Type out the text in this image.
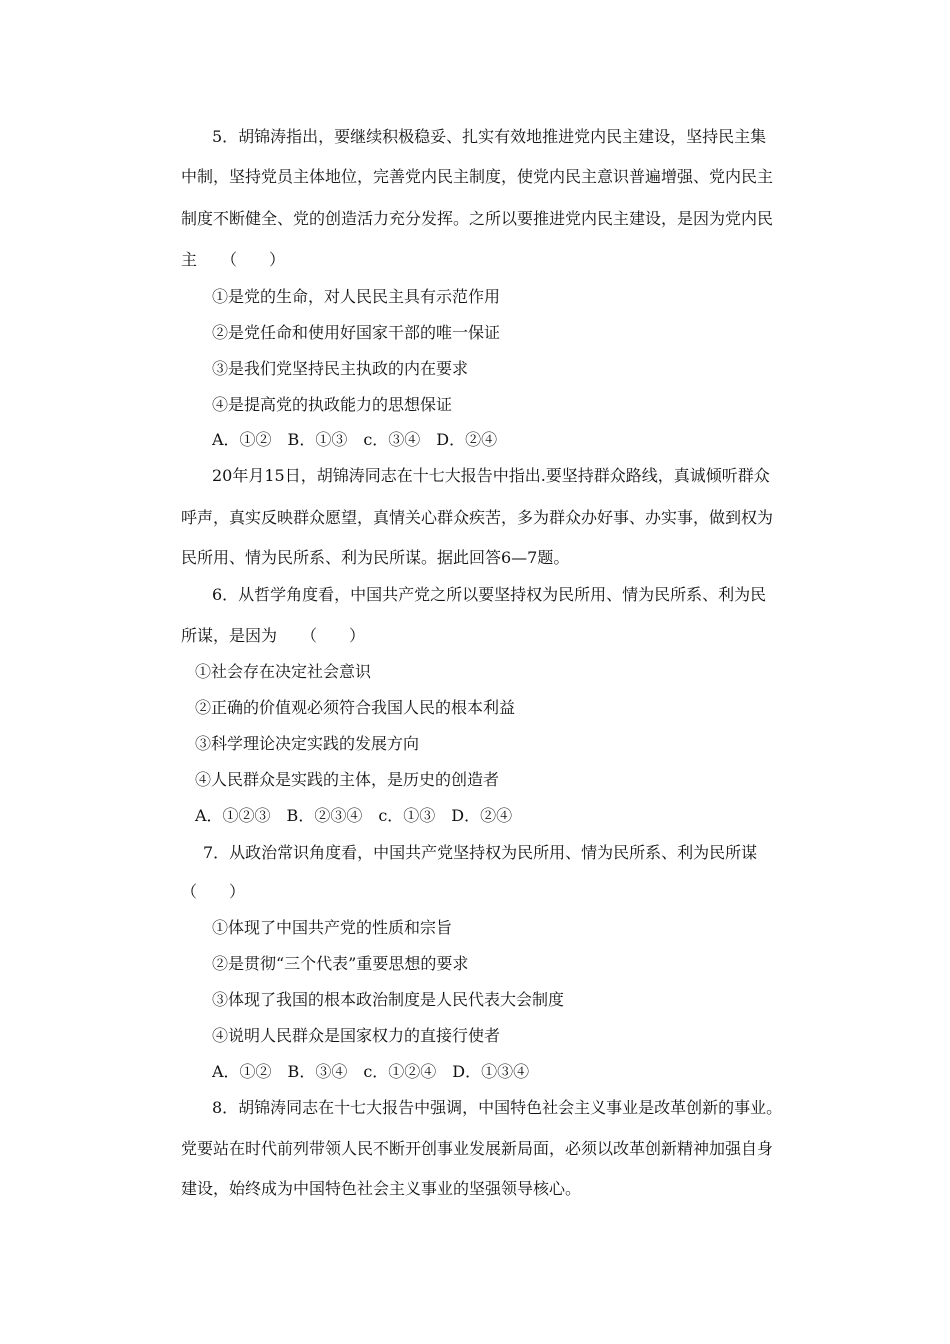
5．胡锦涛指出，要继续积极稳妥、扎实有效地推进党内民主建设，坚持民主集
中制，坚持党员主体地位，完善党内民主制度，使党内民主意识普遍增强、党内民主
制度不断健全、党的创造活力充分发挥。之所以要推进党内民主建设，是因为党内民
主　　（　　）
①是党的生命，对人民民主具有示范作用
②是党任命和使用好国家干部的唯一保证
③是我们党坚持民主执政的内在要求
④是提高党的执政能力的思想保证
A．①②　B．①③　c．③④　D．②④
20年月15日，胡锦涛同志在十七大报告中指出.要坚持群众路线，真诚倾听群众
呼声，真实反映群众愿望，真情关心群众疾苦，多为群众办好事、办实事，做到权为
民所用、情为民所系、利为民所谋。据此回答6—7题。
6．从哲学角度看，中国共产党之所以要坚持权为民所用、情为民所系、利为民
所谋，是因为　　（　　）
①社会存在决定社会意识
②正确的价值观必须符合我国人民的根本利益
③科学理论决定实践的发展方向
④人民群众是实践的主体，是历史的创造者
A．①②③　B．②③④　c．①③　D．②④
7．从政治常识角度看，中国共产党坚持权为民所用、情为民所系、利为民所谋
（　　）
①体现了中国共产党的性质和宗旨
②是贯彻“三个代表”重要思想的要求
③体现了我国的根本政治制度是人民代表大会制度
④说明人民群众是国家权力的直接行使者
A．①②　B．③④　c．①②④　D．①③④
8．胡锦涛同志在十七大报告中强调，中国特色社会主义事业是改革创新的事业。
党要站在时代前列带领人民不断开创事业发展新局面，必须以改革创新精神加强自身
建设，始终成为中国特色社会主义事业的坚强领导核心。
